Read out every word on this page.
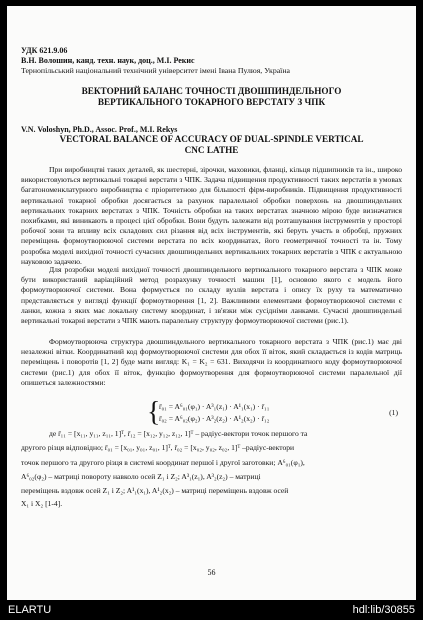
УДК 621.9.06
В.Н. Волошин, канд. техн. наук, доц., М.І. Рекис
Тернопільський національний технічний університет імені Івана Пулюя, Україна
ВЕКТОРНИЙ БАЛАНС ТОЧНОСТІ ДВОШПИНДЕЛЬНОГО
ВЕРТИКАЛЬНОГО ТОКАРНОГО ВЕРСТАТУ З ЧПК
V.N. Voloshyn, Ph.D., Assoc. Prof., M.I. Rekys
VECTORAL BALANCE OF ACCURACY OF DUAL-SPINDLE VERTICAL
CNC LATHE
При виробництві таких деталей, як шестерні, зірочки, маховики, фланці, кільця підшипників та ін., широко використовуються вертикальні токарні верстати з ЧПК. Задача підвищення продуктивності таких верстатів в умовах багатономенклатурного виробництва є пріоритетною для більшості фірм-виробників. Підвищення продуктивності вертикальної токарної обробки досягається за рахунок паралельної обробки поверхонь на двошпиндельних вертикальних токарних верстатах з ЧПК. Точність обробки на таких верстатах значною мірою буде визначатися похибками, які виникають в процесі цієї обробки. Вони будуть залежати від розташування інструментів у просторі робочої зони та впливу всіх складових сил різання від всіх інструментів, які беруть участь в обробці, пружних переміщень формоутворюючої системи верстата по всіх координатах, його геометричної точності та ін. Тому розробка моделі вихідної точності сучасних двошпиндельних вертикальних токарних верстатів з ЧПК є актуальною науковою задачею.
Для розробки моделі вихідної точності двошпиндельного вертикального токарного верстата з ЧПК може бути використаний варіаційний метод розрахунку точності машин [1], основою якого є модель його формоутворюючої системи. Вона формується по складу вузлів верстата і опису їх руху та математично представляється у вигляді функції формоутворення [1, 2]. Важливими елементами формоутворюючої системи є ланки, кожна з яких має локальну систему координат, і зв'язки між сусідніми ланками. Сучасні двошпиндельні вертикальні токарні верстати з ЧПК мають паралельну структуру формоутворюючої системи (рис.1).
Формоутворююча структура двошпиндельного вертикального токарного верстата з ЧПК (рис.1) має дві незалежні вітки. Координатний код формоутворюючої системи для обох її віток, який складається із кодів матриць переміщень і поворотів [1, 2] буде мати вигляд: K₁ = K₂ = 631. Виходячи із координатного коду формоутворюючої системи (рис.1) для обох її віток, функцію формоутворення для формоутворюючої системи паралельної дії опишеться залежностями:
{
r̄₀₁ = A⁶₀₁(φ₁) · A³₁(z₁) · A¹₁(x₁) · r̄₁₁
r̄₀₂ = A⁶₀₂(φ₂) · A³₂(z₂) · A¹₂(x₂) · r̄₁₂
(1)
де r̄₁₁ = [x₁₁, y₁₁, z₁₁, 1]ᵀ, r̄₁₂ = [x₁₂, y₁₂, z₁₂, 1]ᵀ – радіус-вектори точок першого та
другого різця відповідно; r̄₀₁ = [x₀₁, y₀₁, z₀₁, 1]ᵀ, r̄₀₂ = [x₀₂, y₀₂, z₀₂, 1]ᵀ –радіус-вектори
точок першого та другого різця в системі координат першої і другої заготовки; A⁶₀₁(φ₁),
A⁶₀₂(φ₂) – матриці повороту навколо осей Z₁ і Z₂; A³₁(z₁), A³₂(z₂) – матриці
переміщень вздовж осей Z₁ і Z₂; A¹₁(x₁), A¹₂(x₂) – матриці переміщень вздовж осей
X₁ і X₂ [1-4].
56
ELARTU	hdl:lib/30855
